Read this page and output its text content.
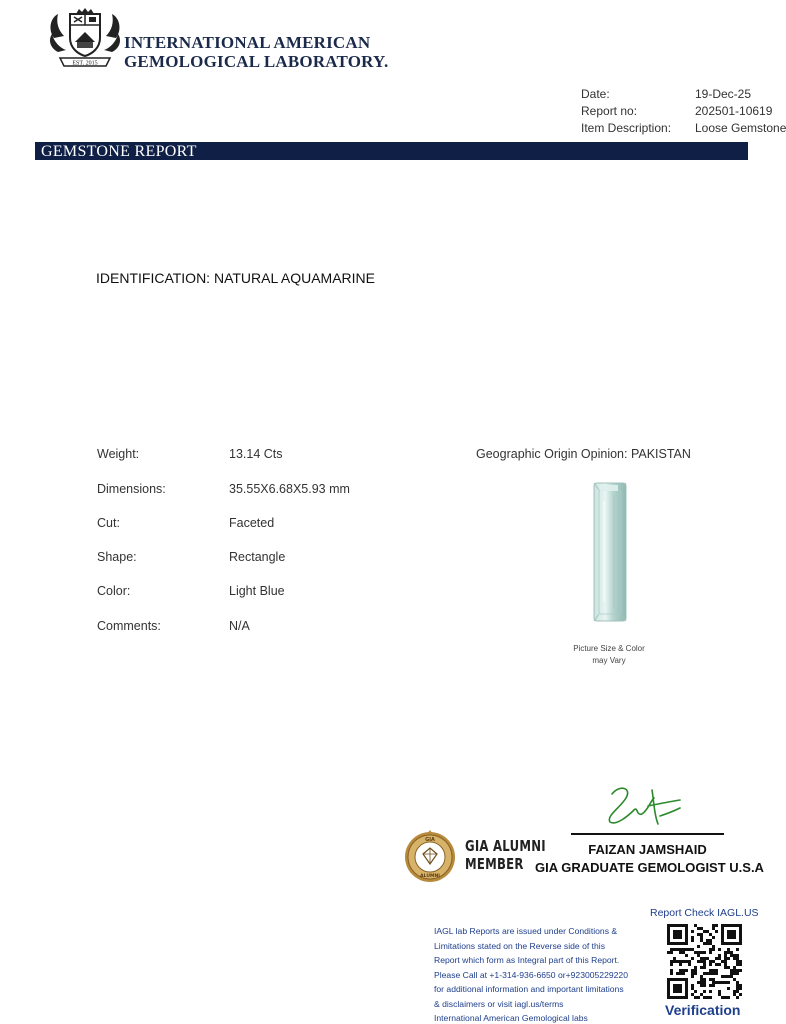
EST. 2015
INTERNATIONAL AMERICAN
GEMOLOGICAL LABORATORY.
Date:	19-Dec-25
Report no:	202501-10619
Item Description: Loose Gemstone
GEMSTONE REPORT
IDENTIFICATION: NATURAL AQUAMARINE
Weight:	13.14 Cts
Dimensions:	35.55X6.68X5.93 mm
Cut:	Faceted
Shape:	Rectangle
Color:	Light Blue
Comments:	N/A
Geographic Origin Opinion: PAKISTAN
Picture Size & Color
may Vary
FAIZAN JAMSHAID
GIA GRADUATE GEMOLOGIST U.S.A
GIA
ALUMNI
GIA ALUMNI
MEMBER
Report Check IAGL.US
IAGL lab Reports are issued under Conditions &
Limitations stated on the Reverse side of this
Report which form as Integral part of this Report.
Please Call at +1-314-936-6650 or+923005229220
for additional information and important limitations
& disclaimers or visit iagl.us/terms
International American Gemological labs	Verification
